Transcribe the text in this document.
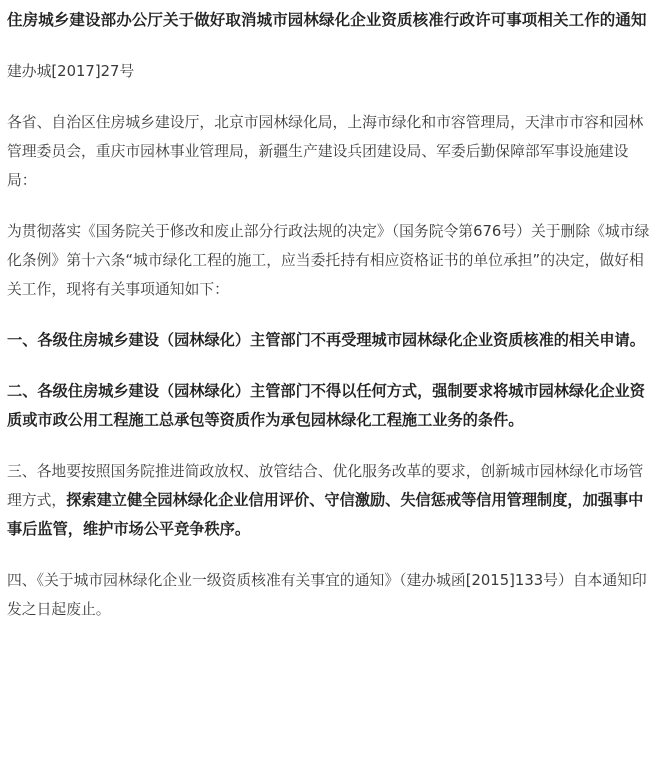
住房城乡建设部办公厅关于做好取消城市园林绿化企业资质核准行政许可事项相关工作的通知

建办城[2017]27号

各省、自治区住房城乡建设厅，北京市园林绿化局，上海市绿化和市容管理局，天津市市容和园林管理委员会，重庆市园林事业管理局，新疆生产建设兵团建设局、军委后勤保障部军事设施建设局：

为贯彻落实《国务院关于修改和废止部分行政法规的决定》（国务院令第676号）关于删除《城市绿化条例》第十六条“城市绿化工程的施工，应当委托持有相应资格证书的单位承担”的决定，做好相关工作，现将有关事项通知如下：

一、各级住房城乡建设（园林绿化）主管部门不再受理城市园林绿化企业资质核准的相关申请。

二、各级住房城乡建设（园林绿化）主管部门不得以任何方式，强制要求将城市园林绿化企业资质或市政公用工程施工总承包等资质作为承包园林绿化工程施工业务的条件。

三、各地要按照国务院推进简政放权、放管结合、优化服务改革的要求，创新城市园林绿化市场管理方式，探索建立健全园林绿化企业信用评价、守信激励、失信惩戒等信用管理制度，加强事中事后监管，维护市场公平竞争秩序。

四、《关于城市园林绿化企业一级资质核准有关事宜的通知》（建办城函[2015]133号）自本通知印发之日起废止。
